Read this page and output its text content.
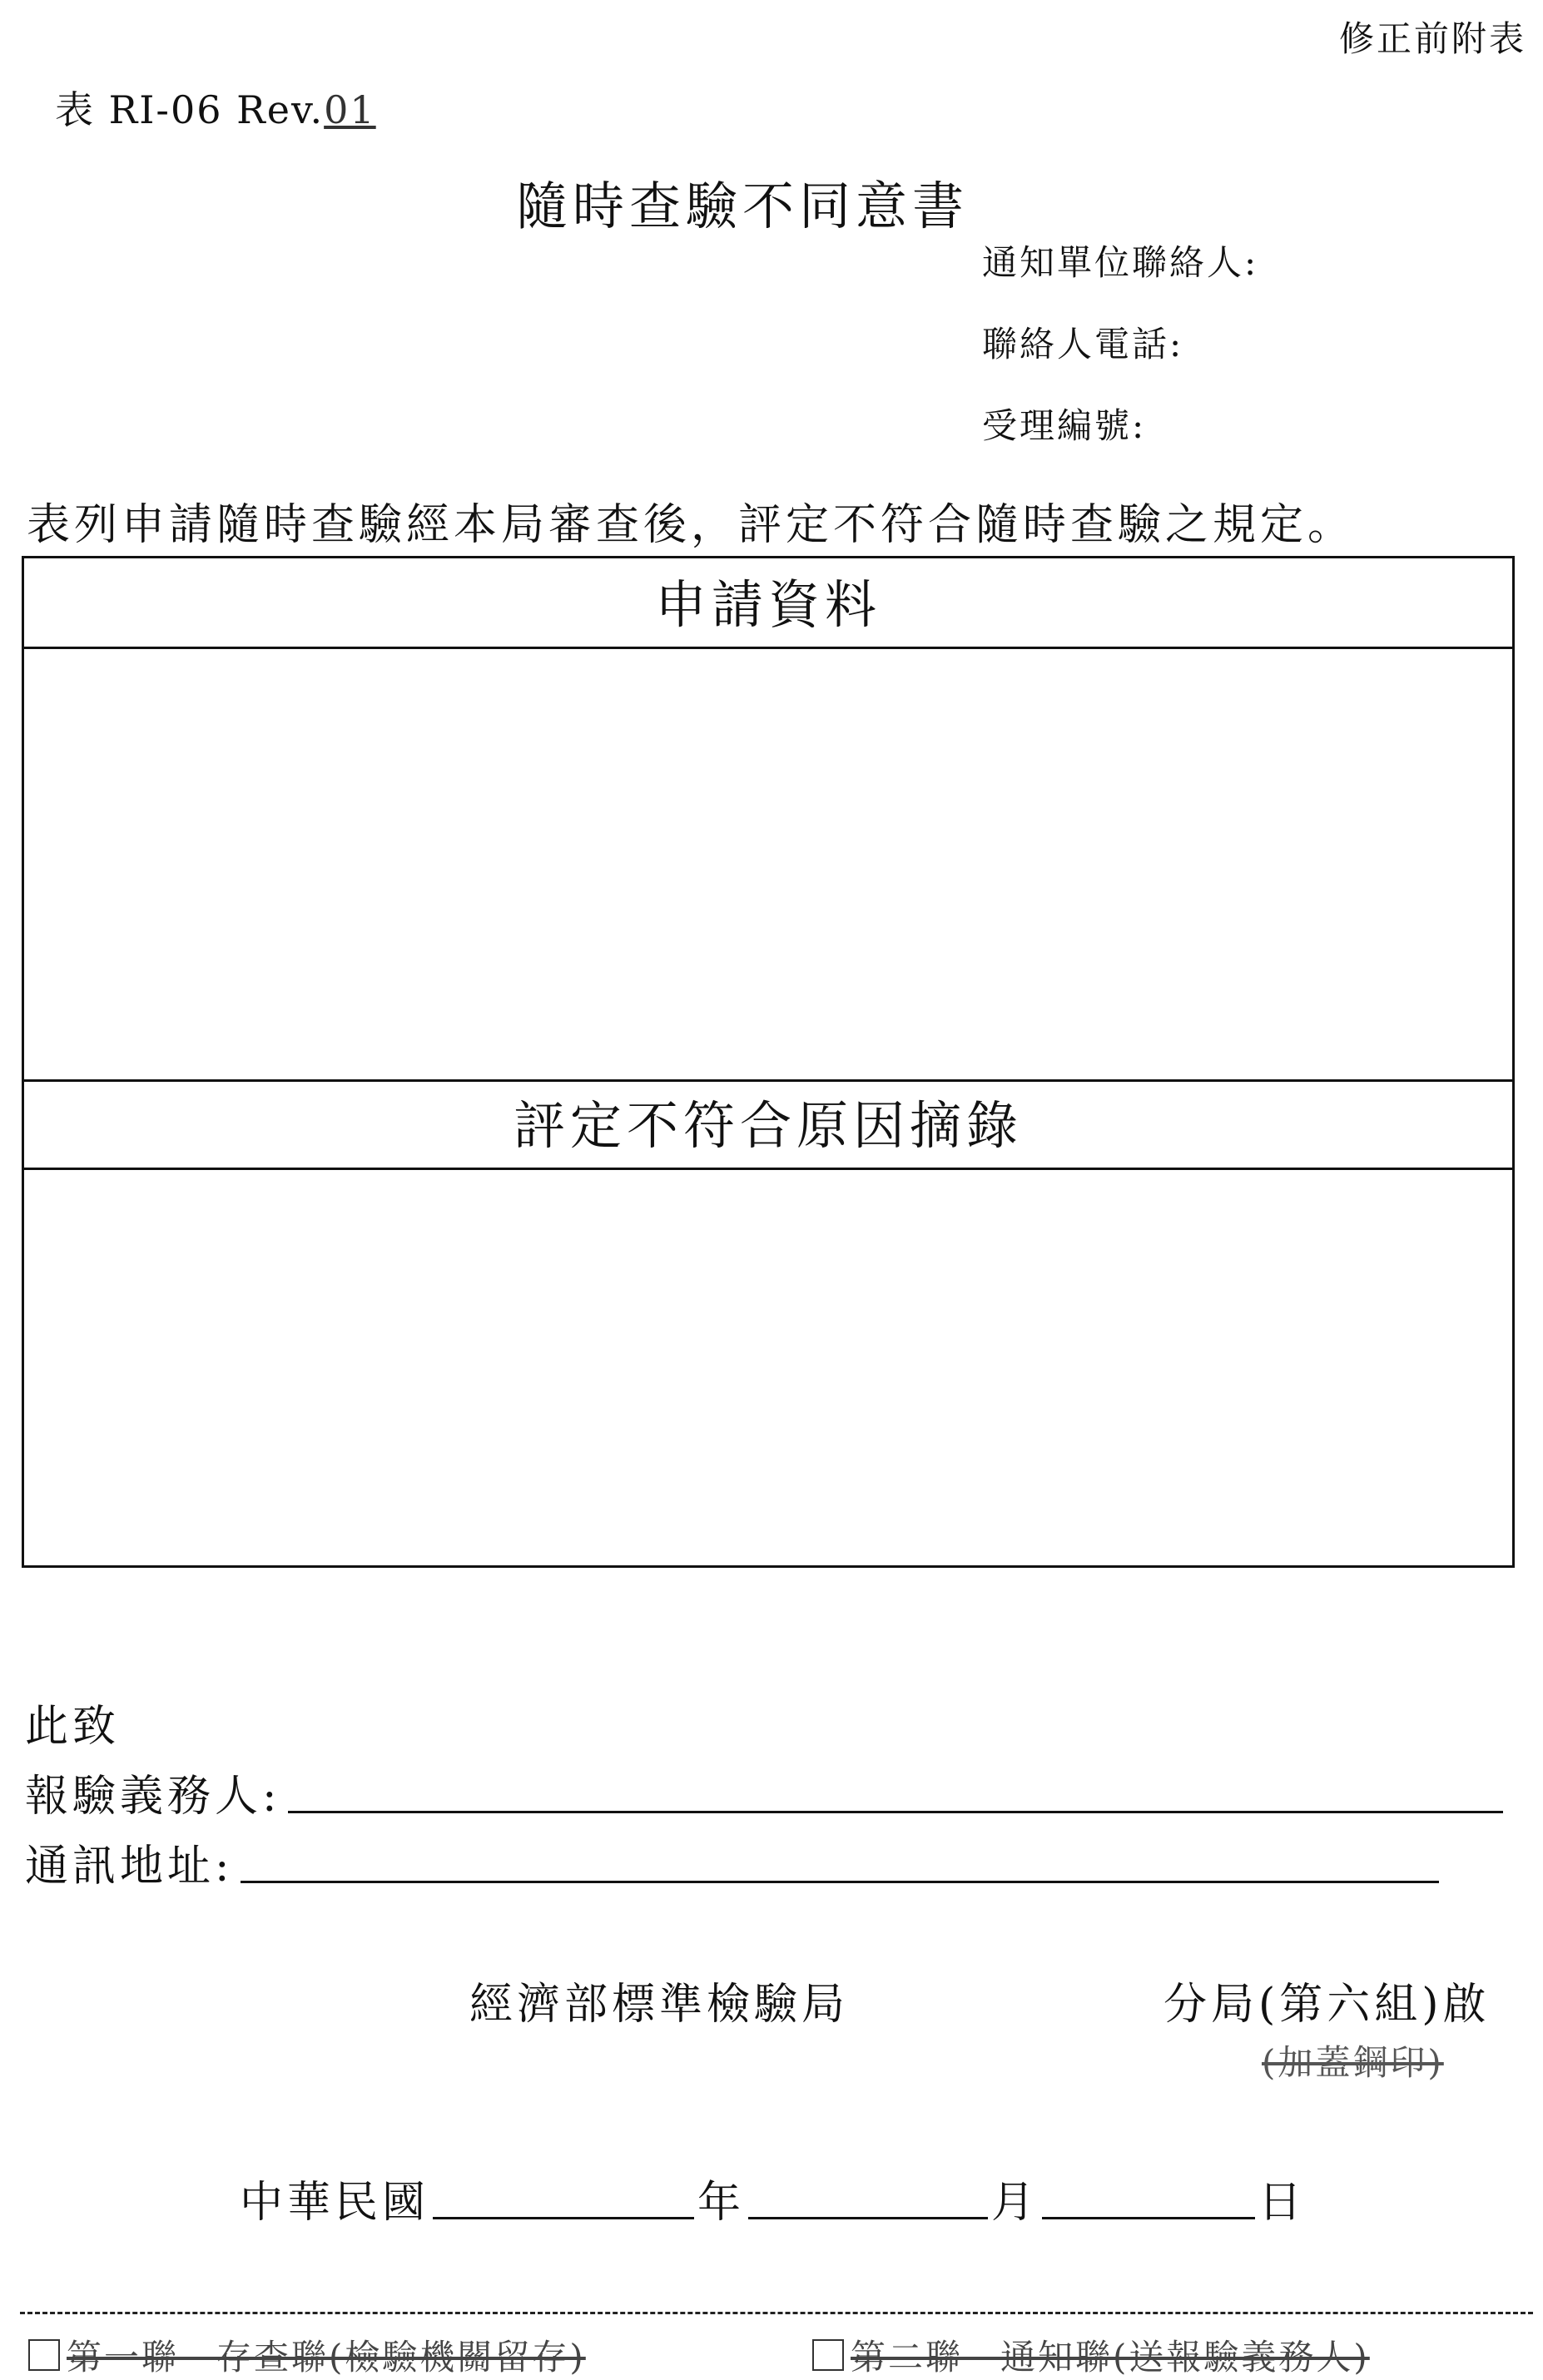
修正前附表
表 RI-06 Rev.01
隨時查驗不同意書
通知單位聯絡人:
聯絡人電話:
受理編號:
表列申請隨時查驗經本局審查後，評定不符合隨時查驗之規定。
申請資料
評定不符合原因摘錄
此致
報驗義務人:
通訊地址:
經濟部標準檢驗局	分局(第六組)啟
(加蓋鋼印)
中華民國	年	月	日
第一聯　存查聯(檢驗機關留存)	第二聯　通知聯(送報驗義務人)
